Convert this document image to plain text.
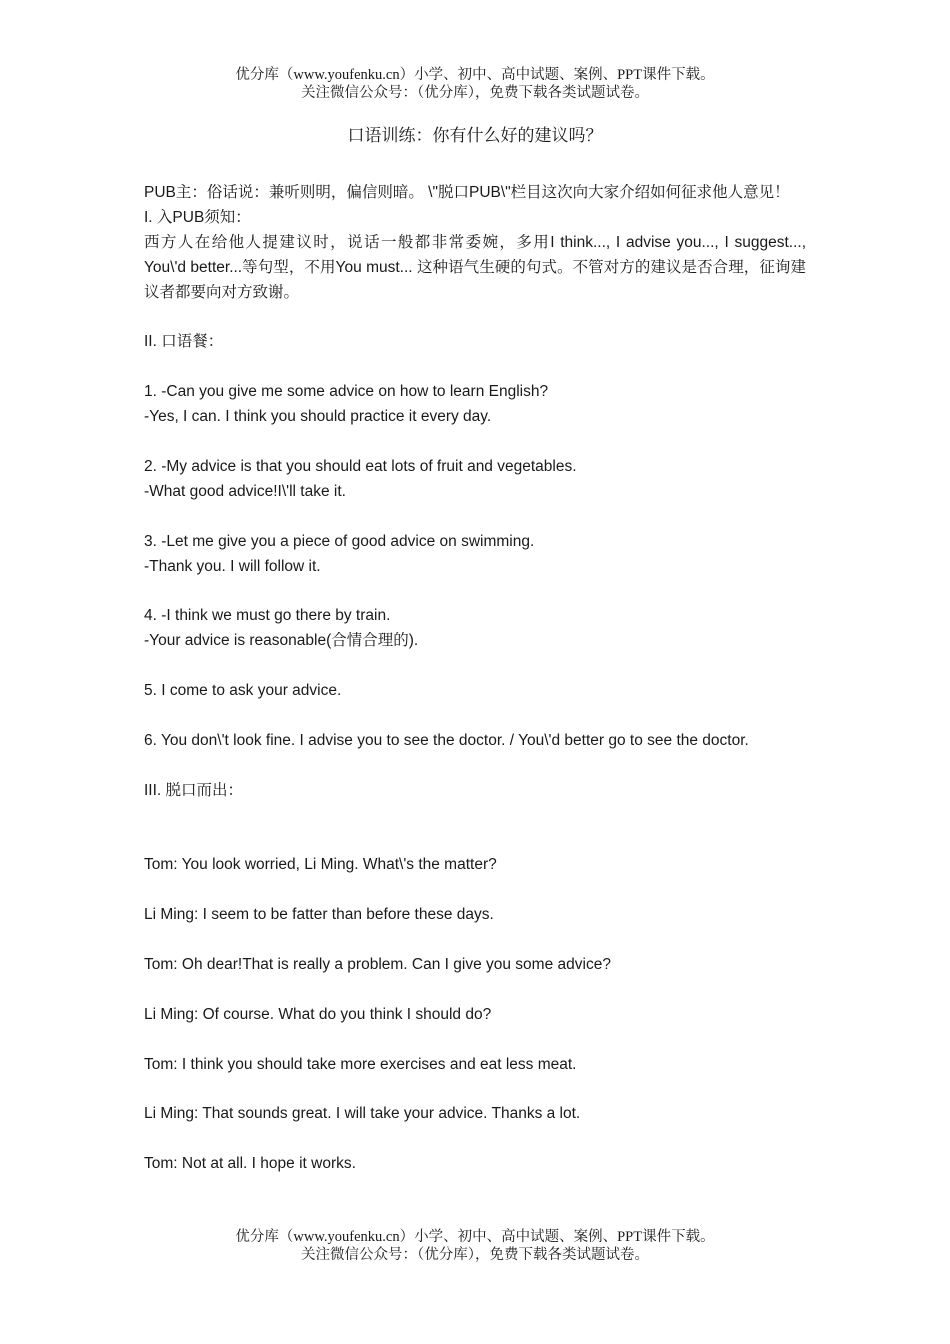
优分库（www.youfenku.cn）小学、初中、高中试题、案例、PPT课件下载。
关注微信公众号：（优分库），免费下载各类试题试卷。
口语训练：你有什么好的建议吗？

PUB主：俗话说：兼听则明，偏信则暗。 \"脱口PUB\"栏目这次向大家介绍如何征求他人意见！

I. 入PUB须知：

西方人在给他人提建议时，说话一般都非常委婉，多用I think..., I advise you..., I suggest..., You\'d better...等句型，不用You must... 这种语气生硬的句式。不管对方的建议是否合理，征询建议者都要向对方致谢。

II. 口语餐：

1. -Can you give me some advice on how to learn English?

-Yes, I can. I think you should practice it every day.

2. -My advice is that you should eat lots of fruit and vegetables.

-What good advice!I\'ll take it.

3. -Let me give you a piece of good advice on swimming.

-Thank you. I will follow it.

4. -I think we must go there by train.

-Your advice is reasonable(合情合理的).

5. I come to ask your advice.

6. You don\'t look fine. I advise you to see the doctor. / You\'d better go to see the doctor.

III. 脱口而出：

Tom: You look worried, Li Ming. What\'s the matter?

Li Ming: I seem to be fatter than before these days.

Tom: Oh dear!That is really a problem. Can I give you some advice?

Li Ming: Of course. What do you think I should do?

Tom: I think you should take more exercises and eat less meat.

Li Ming: That sounds great. I will take your advice. Thanks a lot.

Tom: Not at all. I hope it works.

优分库（www.youfenku.cn）小学、初中、高中试题、案例、PPT课件下载。
关注微信公众号：（优分库），免费下载各类试题试卷。
